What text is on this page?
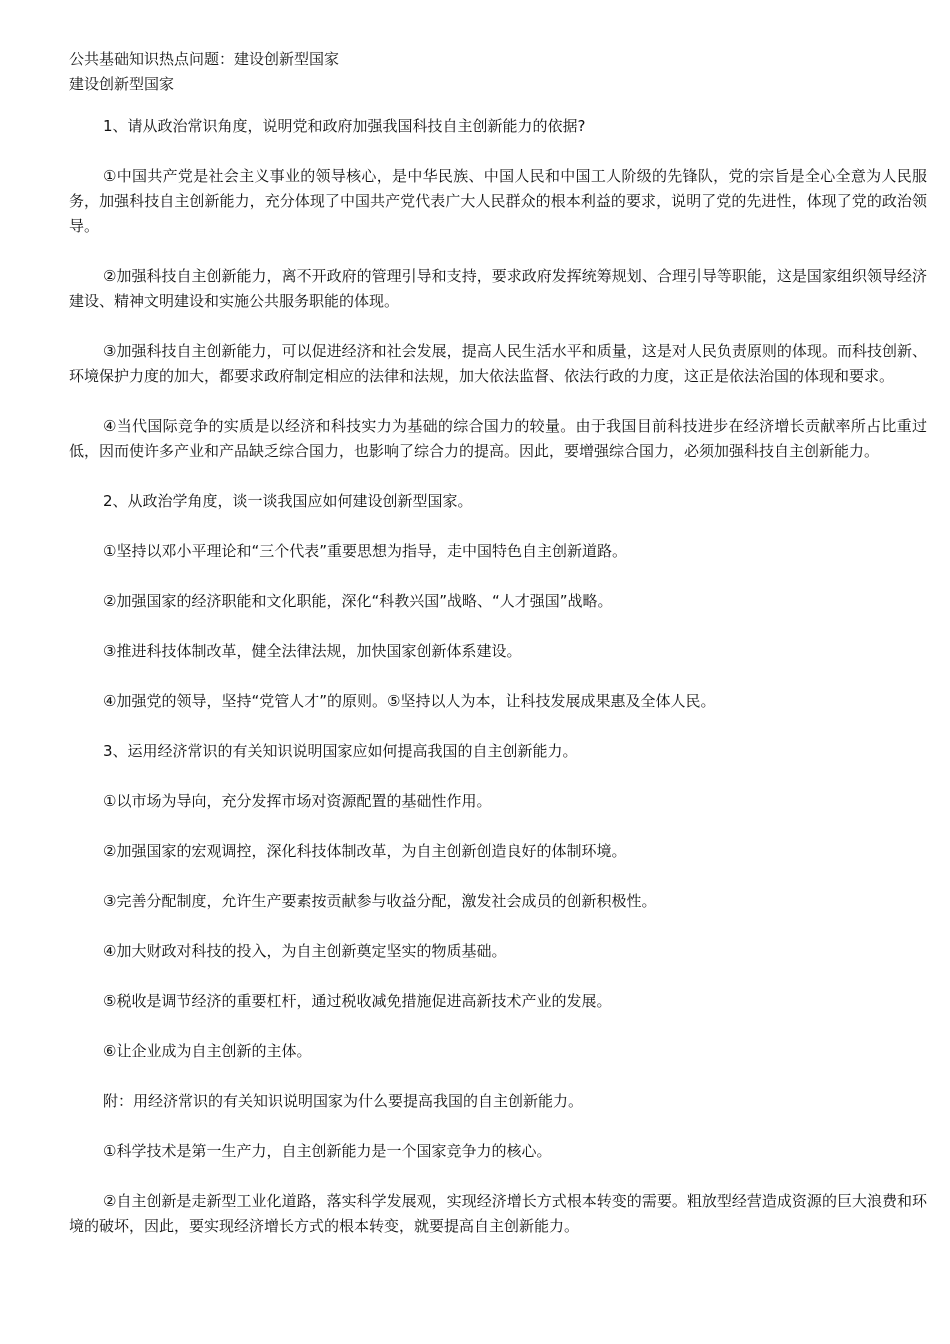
公共基础知识热点问题：建设创新型国家

建设创新型国家

1、请从政治常识角度，说明党和政府加强我国科技自主创新能力的依据?

①中国共产党是社会主义事业的领导核心，是中华民族、中国人民和中国工人阶级的先锋队，党的宗旨是全心全意为人民服务，加强科技自主创新能力，充分体现了中国共产党代表广大人民群众的根本利益的要求，说明了党的先进性，体现了党的政治领导。

②加强科技自主创新能力，离不开政府的管理引导和支持，要求政府发挥统筹规划、合理引导等职能，这是国家组织领导经济建设、精神文明建设和实施公共服务职能的体现。

③加强科技自主创新能力，可以促进经济和社会发展，提高人民生活水平和质量，这是对人民负责原则的体现。而科技创新、环境保护力度的加大，都要求政府制定相应的法律和法规，加大依法监督、依法行政的力度，这正是依法治国的体现和要求。

④当代国际竞争的实质是以经济和科技实力为基础的综合国力的较量。由于我国目前科技进步在经济增长贡献率所占比重过低，因而使许多产业和产品缺乏综合国力，也影响了综合力的提高。因此，要增强综合国力，必须加强科技自主创新能力。

2、从政治学角度，谈一谈我国应如何建设创新型国家。

①坚持以邓小平理论和“三个代表”重要思想为指导，走中国特色自主创新道路。

②加强国家的经济职能和文化职能，深化“科教兴国”战略、“人才强国”战略。

③推进科技体制改革，健全法律法规，加快国家创新体系建设。

④加强党的领导，坚持“党管人才”的原则。⑤坚持以人为本，让科技发展成果惠及全体人民。

3、运用经济常识的有关知识说明国家应如何提高我国的自主创新能力。

①以市场为导向，充分发挥市场对资源配置的基础性作用。

②加强国家的宏观调控，深化科技体制改革，为自主创新创造良好的体制环境。

③完善分配制度，允许生产要素按贡献参与收益分配，激发社会成员的创新积极性。

④加大财政对科技的投入，为自主创新奠定坚实的物质基础。

⑤税收是调节经济的重要杠杆，通过税收减免措施促进高新技术产业的发展。

⑥让企业成为自主创新的主体。

附：用经济常识的有关知识说明国家为什么要提高我国的自主创新能力。

①科学技术是第一生产力，自主创新能力是一个国家竞争力的核心。

②自主创新是走新型工业化道路，落实科学发展观，实现经济增长方式根本转变的需要。粗放型经营造成资源的巨大浪费和环境的破坏，因此，要实现经济增长方式的根本转变，就要提高自主创新能力。
